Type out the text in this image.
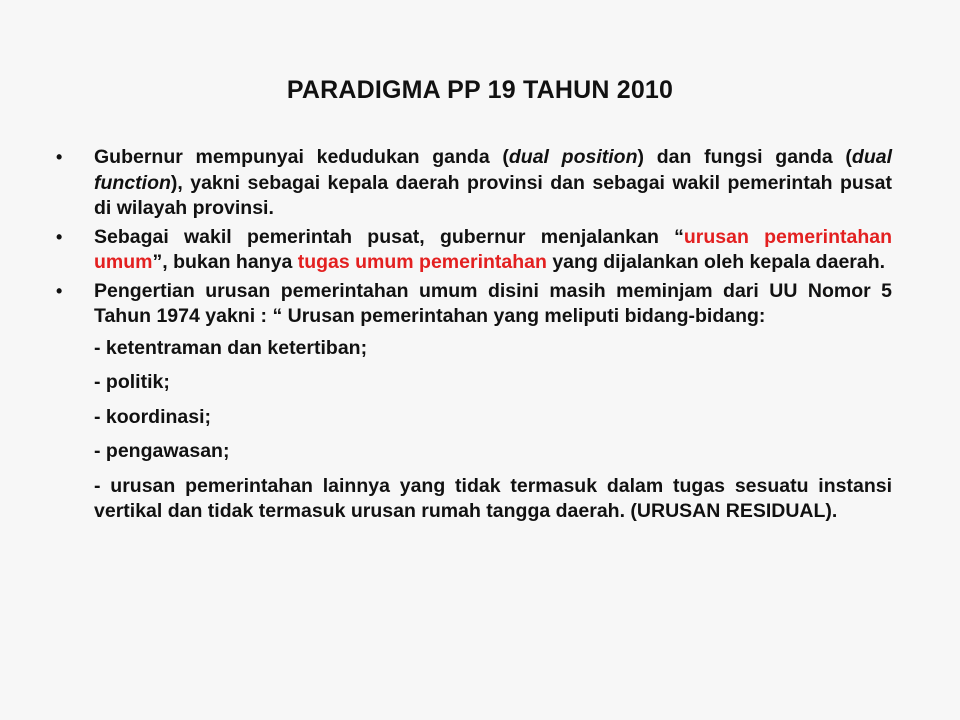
PARADIGMA PP 19 TAHUN 2010
•	Gubernur mempunyai kedudukan ganda (dual position) dan fungsi ganda (dual function), yakni sebagai kepala daerah provinsi dan sebagai wakil pemerintah pusat di wilayah provinsi.
•	Sebagai wakil pemerintah pusat, gubernur menjalankan “urusan pemerintahan umum”, bukan hanya tugas umum pemerintahan yang dijalankan oleh kepala daerah.
•	Pengertian urusan pemerintahan umum disini masih meminjam dari UU Nomor 5 Tahun 1974 yakni : “ Urusan pemerintahan yang meliputi bidang-bidang:
- ketentraman dan ketertiban;
- politik;
- koordinasi;
- pengawasan;
- urusan pemerintahan lainnya yang tidak termasuk dalam tugas sesuatu instansi vertikal dan tidak termasuk urusan rumah tangga daerah. (URUSAN RESIDUAL).
